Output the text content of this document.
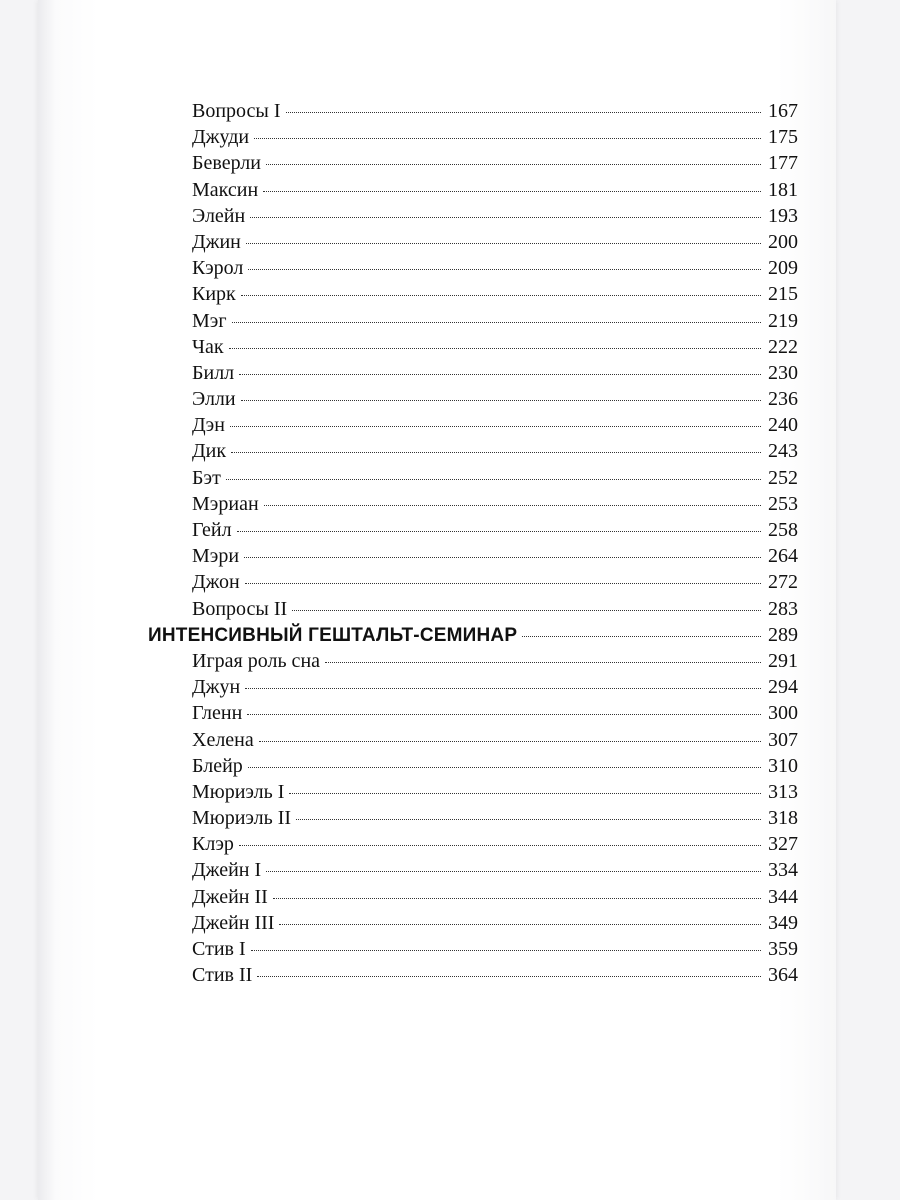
Вопросы I	167
Джуди	175
Беверли	177
Максин	181
Элейн	193
Джин	200
Кэрол	209
Кирк	215
Мэг	219
Чак	222
Билл	230
Элли	236
Дэн	240
Дик	243
Бэт	252
Мэриан	253
Гейл	258
Мэри	264
Джон	272
Вопросы II	283
ИНТЕНСИВНЫЙ ГЕШТАЛЬТ-СЕМИНАР	289
Играя роль сна	291
Джун	294
Гленн	300
Хелена	307
Блейр	310
Мюриэль I	313
Мюриэль II	318
Клэр	327
Джейн I	334
Джейн II	344
Джейн III	349
Стив I	359
Стив II	364
